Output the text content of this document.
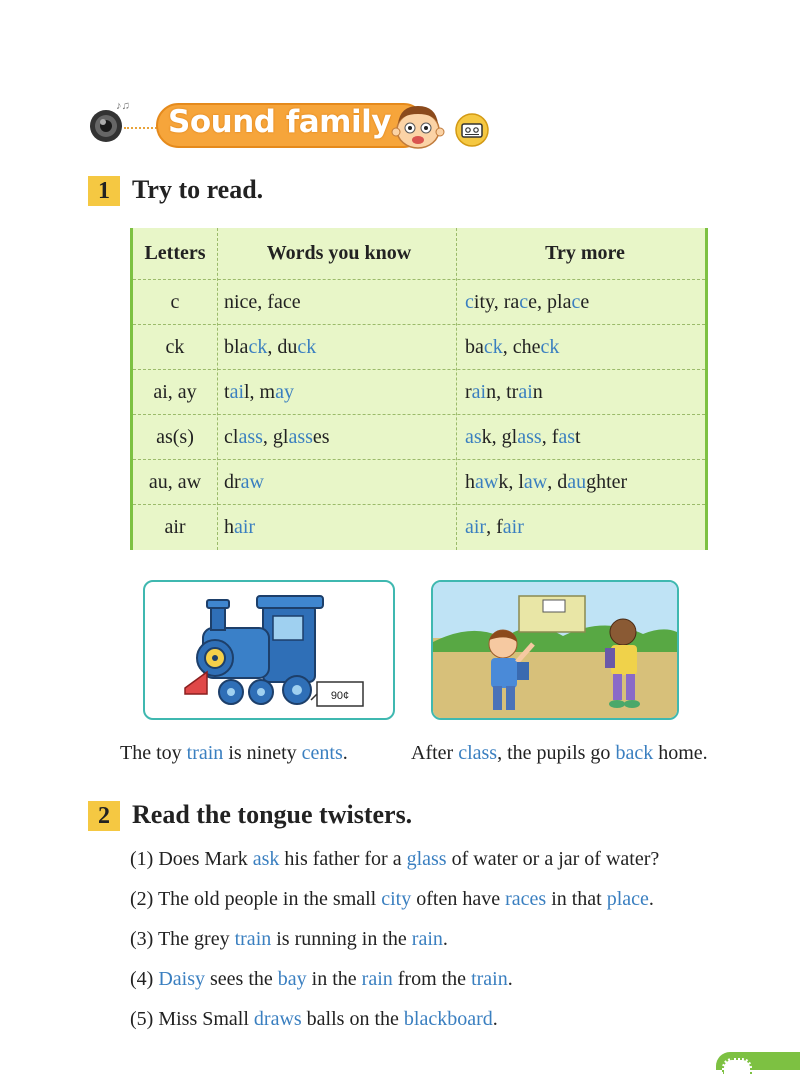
♪♫ Sound family
1 Try to read.
Letters	Words you know	Try more
c	nice, face	c ity, ra c e, pla c e
ck	bla ck , du ck	ba ck , che ck
ai, ay	t ai l, m ay	r ai n, tr ai n
as(s)	cl ass , gl ass es	as k, gl ass , f as t
au, aw	dr aw	h aw k, l aw , d au ghter
air	h air	air , f air
90¢
The toy train is ninety cents.	After class, the pupils go back home.
2 Read the tongue twisters.
(1) Does Mark ask his father for a glass of water or a jar of water?
(2) The old people in the small city often have races in that place.
(3) The grey train is running in the rain.
(4) Daisy sees the bay in the rain from the train.
(5) Miss Small draws balls on the blackboard.
